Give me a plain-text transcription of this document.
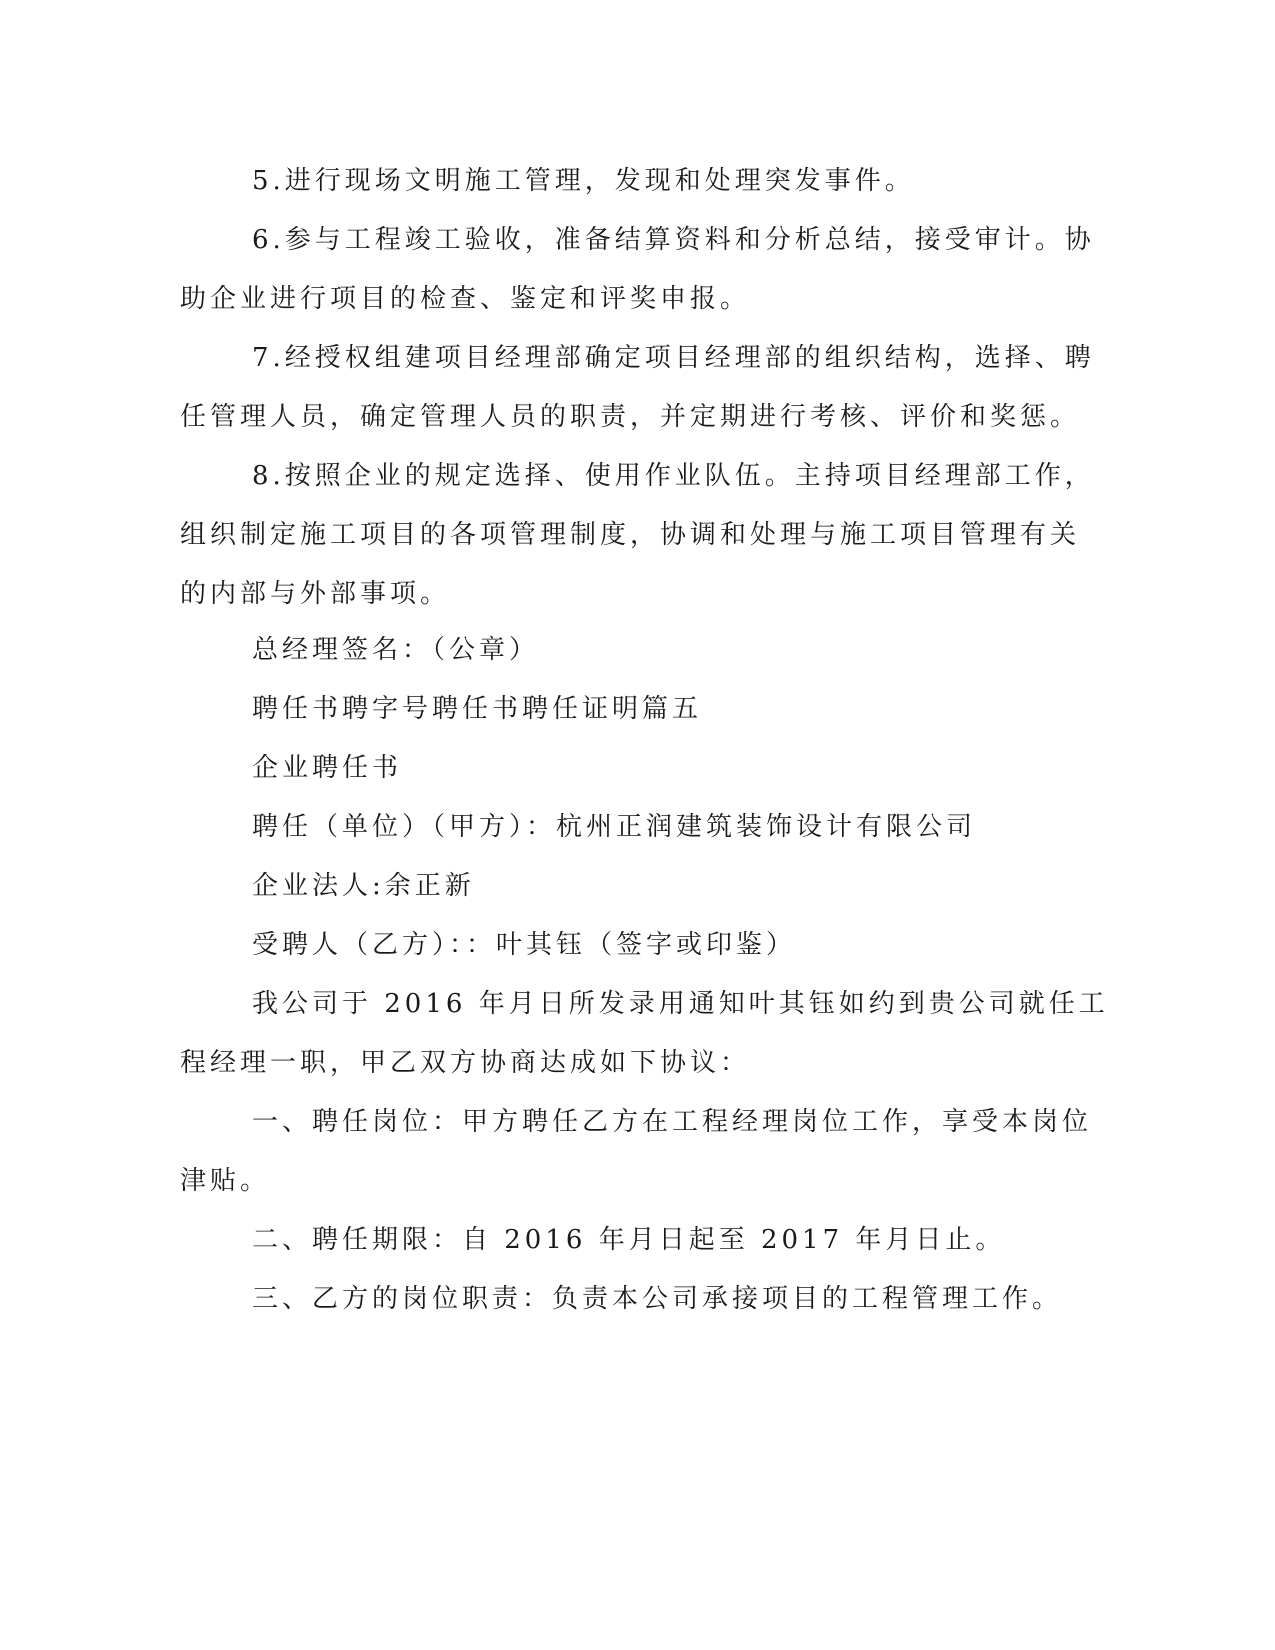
5.进行现场文明施工管理，发现和处理突发事件。
6.参与工程竣工验收，准备结算资料和分析总结，接受审计。协
助企业进行项目的检查、鉴定和评奖申报。
7.经授权组建项目经理部确定项目经理部的组织结构，选择、聘
任管理人员，确定管理人员的职责，并定期进行考核、评价和奖惩。
8.按照企业的规定选择、使用作业队伍。主持项目经理部工作，
组织制定施工项目的各项管理制度，协调和处理与施工项目管理有关
的内部与外部事项。
总经理签名：（公章）
聘任书聘字号聘任书聘任证明篇五
企业聘任书
聘任（单位）（甲方）：杭州正润建筑装饰设计有限公司
企业法人:余正新
受聘人（乙方）：：叶其钰（签字或印鉴）
我公司于 2016 年月日所发录用通知叶其钰如约到贵公司就任工
程经理一职，甲乙双方协商达成如下协议：
一、聘任岗位：甲方聘任乙方在工程经理岗位工作，享受本岗位
津贴。
二、聘任期限：自 2016 年月日起至 2017 年月日止。
三、乙方的岗位职责：负责本公司承接项目的工程管理工作。
